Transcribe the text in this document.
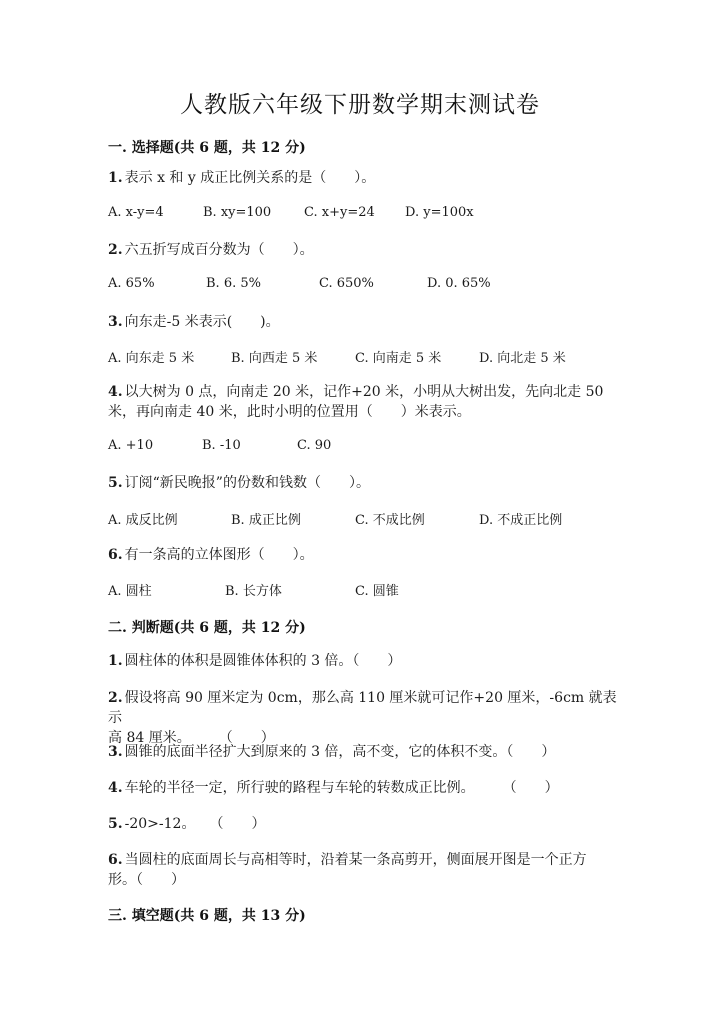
人教版六年级下册数学期末测试卷
一. 选择题(共 6 题，共 12 分)
1. 表示 x 和 y 成正比例关系的是（　　）。
A. x-y=4	B. xy=100	C. x+y=24 D. y=100x
2. 六五折写成百分数为（　　）。
A. 65%	B. 6. 5%	C. 650%	D. 0. 65%
3. 向东走-5 米表示(　　)。
A. 向东走 5 米	B. 向西走 5 米	C. 向南走 5 米	D. 向北走 5 米
4. 以大树为 0 点，向南走 20 米，记作+20 米，小明从大树出发，先向北走 50
米，再向南走 40 米，此时小明的位置用（　　）米表示。
A. +10	B. -10	C. 90
5. 订阅“新民晚报”的份数和钱数（　　）。
A. 成反比例	B. 成正比例	C. 不成比例	D. 不成正比例
6. 有一条高的立体图形（　　）。
A. 圆柱	B. 长方体	C. 圆锥
二. 判断题(共 6 题，共 12 分)
1. 圆柱体的体积是圆锥体体积的 3 倍。（　　）
2. 假设将高 90 厘米定为 0cm，那么高 110 厘米就可记作+20 厘米，-6cm 就表示
高 84 厘米。　　　（　　）
3. 圆锥的底面半径扩大到原来的 3 倍，高不变，它的体积不变。（　　）
4. 车轮的半径一定，所行驶的路程与车轮的转数成正比例。　　　（　　）
5. -20>-12。　　（　　）
6. 当圆柱的底面周长与高相等时，沿着某一条高剪开，侧面展开图是一个正方
形。（　　）
三. 填空题(共 6 题，共 13 分)
